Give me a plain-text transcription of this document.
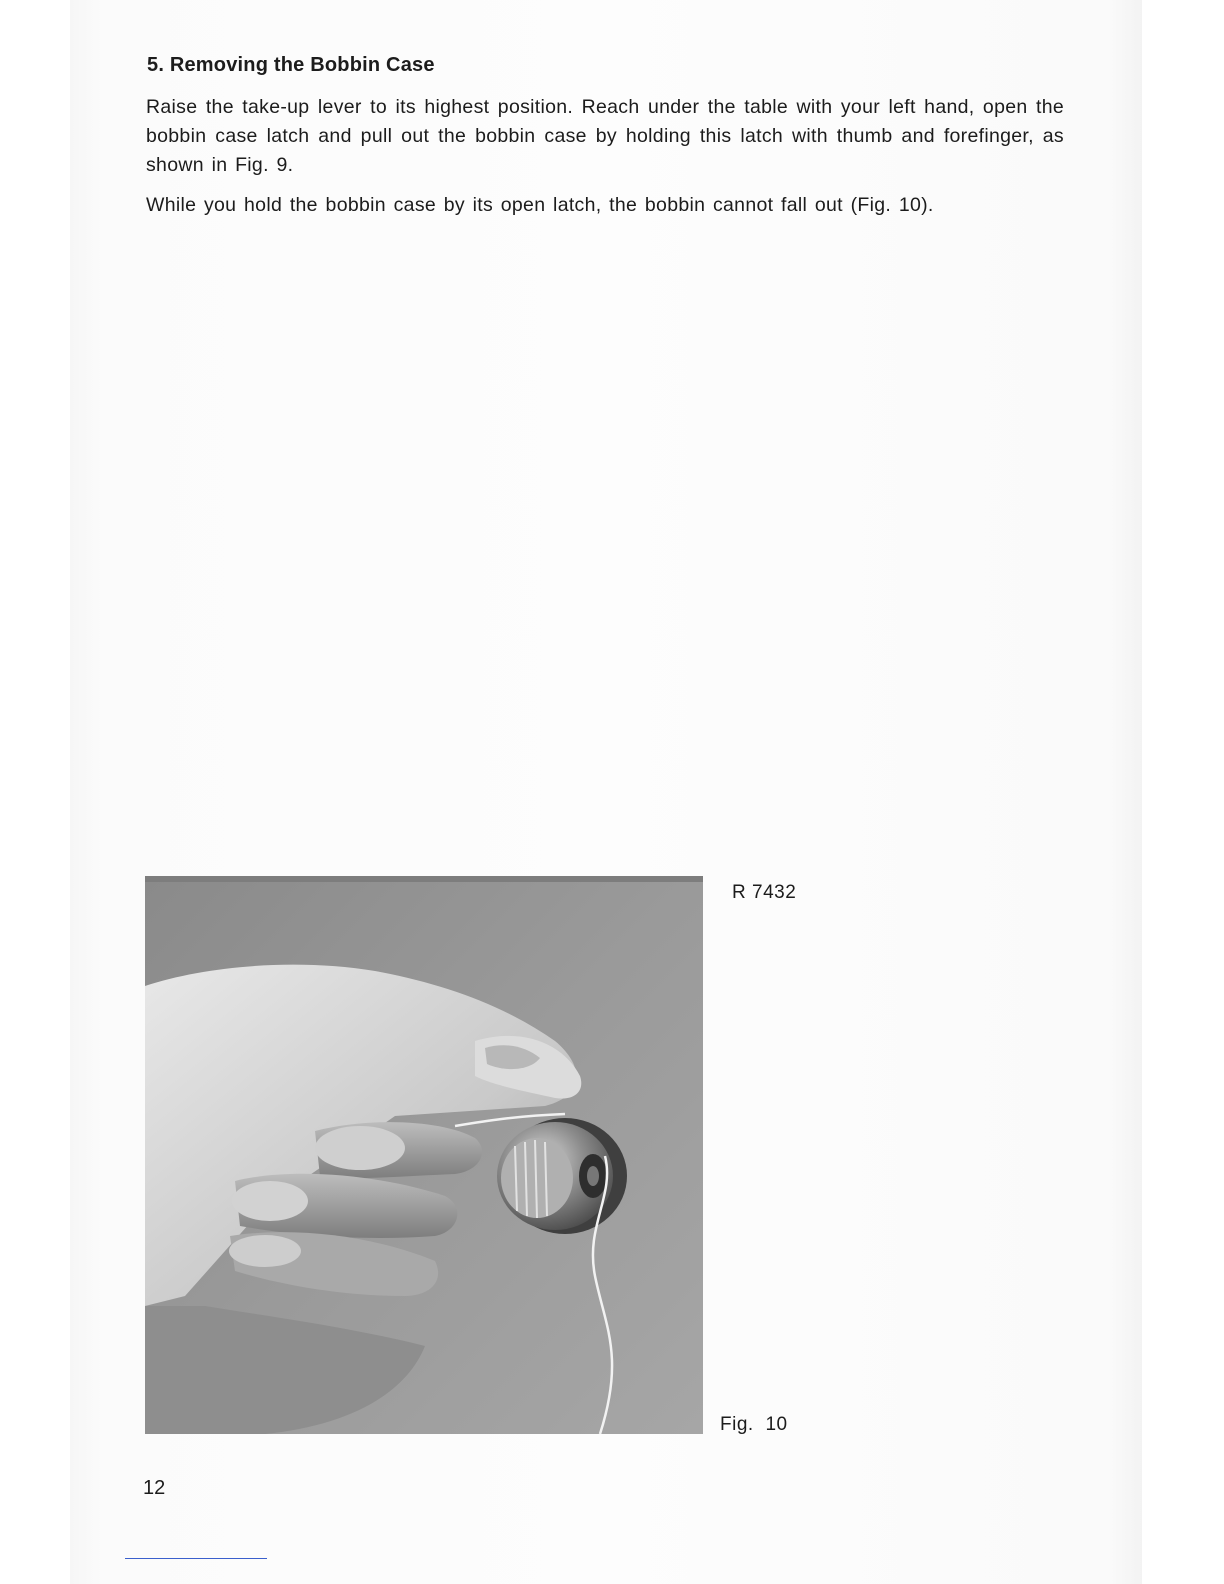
5. Removing the Bobbin Case

Raise the take-up lever to its highest position. Reach under the table with your left hand, open the bobbin case latch and pull out the bobbin case by holding this latch with thumb and forefinger, as shown in Fig. 9.

While you hold the bobbin case by its open latch, the bobbin cannot fall out (Fig. 10).

R 7432
Fig. 10
12
